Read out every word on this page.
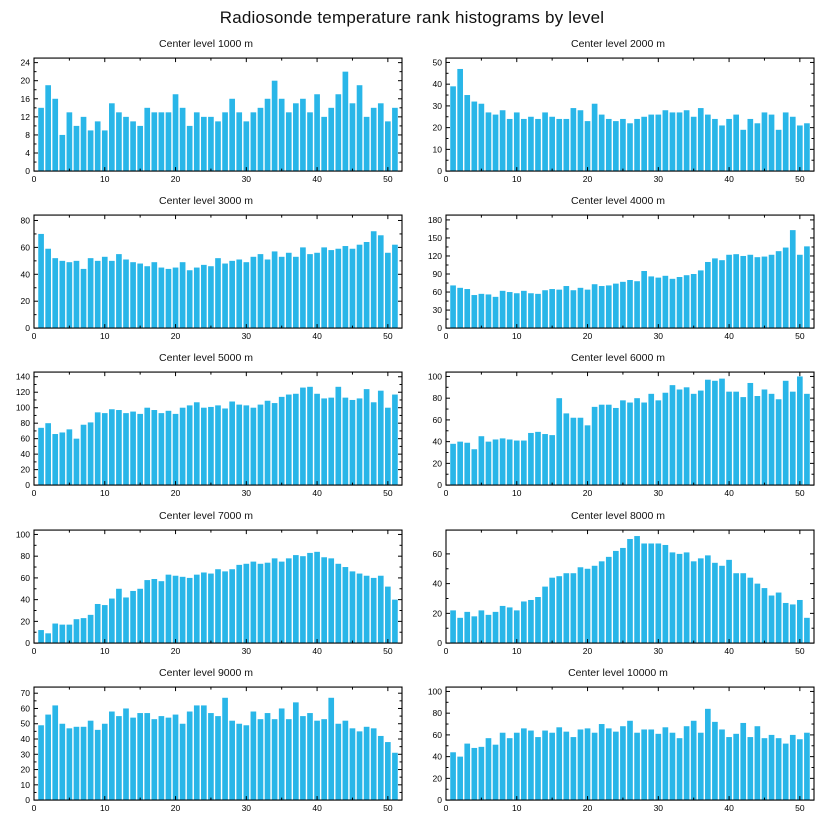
Radiosonde temperature rank histograms by level
Center level 1000 m
0
4
8
12
16
20
24
0	10	20	30	40	50
Center level 2000 m
0
10
20
30
40
50
0	10	20	30	40	50
Center level 3000 m
0
20
40
60
80
0	10	20	30	40	50
Center level 4000 m
0
30
60
90
120
150
180
0	10	20	30	40	50
Center level 5000 m
0
20
40
60
80
100
120
140
0	10	20	30	40	50
Center level 6000 m
0
20
40
60
80
100
0	10	20	30	40	50
Center level 7000 m
0
20
40
60
80
100
0	10	20	30	40	50
Center level 8000 m
0
20
40
60
0	10	20	30	40	50
Center level 9000 m
0
10
20
30
40
50
60
70
0	10	20	30	40	50
Center level 10000 m
0
20
40
60
80
100
0	10	20	30	40	50
